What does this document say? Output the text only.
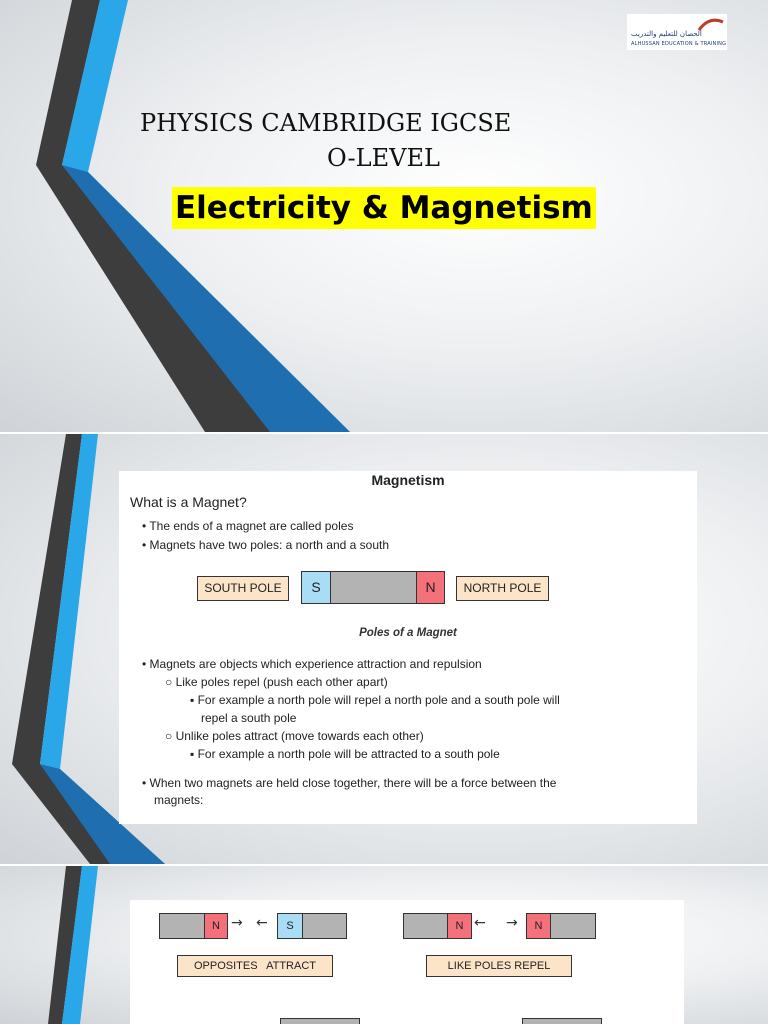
الحصان للتعليم والتدريب
ALHUSSAN EDUCATION & TRAINING
PHYSICS CAMBRIDGE IGCSE
O-LEVEL
Electricity & Magnetism
Magnetism
What is a Magnet?
• The ends of a magnet are called poles
• Magnets have two poles: a north and a south
SOUTH POLE	S	N	NORTH POLE
Poles of a Magnet
• Magnets are objects which experience attraction and repulsion
○ Like poles repel (push each other apart)
▪ For example a north pole will repel a north pole and a south pole will
repel a south pole
○ Unlike poles attract (move towards each other)
▪ For example a north pole will be attracted to a south pole
• When two magnets are held close together, there will be a force between the
magnets:
N → ←	S
OPPOSITES   ATTRACT
N ← →	N
LIKE POLES REPEL
